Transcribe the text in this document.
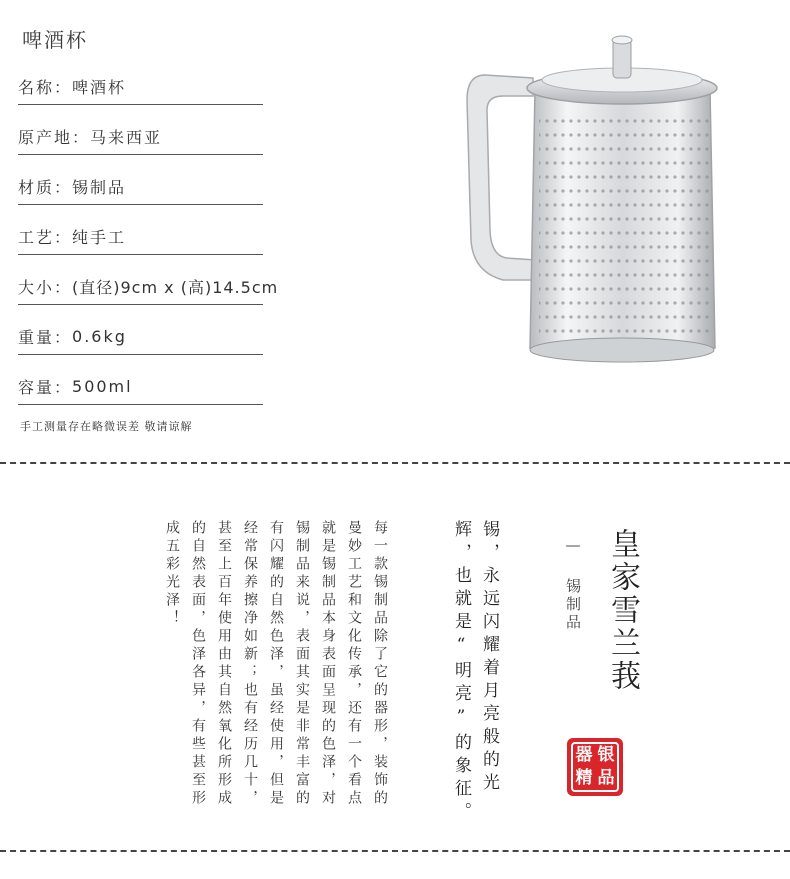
啤酒杯
名称： 啤酒杯
原产地： 马来西亚
材质： 锡制品
工艺： 纯手工
大小： (直径)9cm x (高)14.5cm
重量： 0.6kg
容量： 500ml
手工测量存在略微误差 敬请谅解
皇家雪兰莪
— 锡制品
锡，永远闪耀着月亮般的光
辉，也就是“明亮”的象征。
每一款锡制品除了它的器形，装饰的
曼妙工艺和文化传承，还有一个看点
就是锡制品本身表面呈现的色泽，对
锡制品来说，表面其实是非常丰富的
有闪耀的自然色泽，虽经使用，但是
经常保养擦净如新；也有经历几十，
甚至上百年使用由其自然氧化所形成
的自然表面，色泽各异，有些甚至形
成五彩光泽！
器 银
精 品
